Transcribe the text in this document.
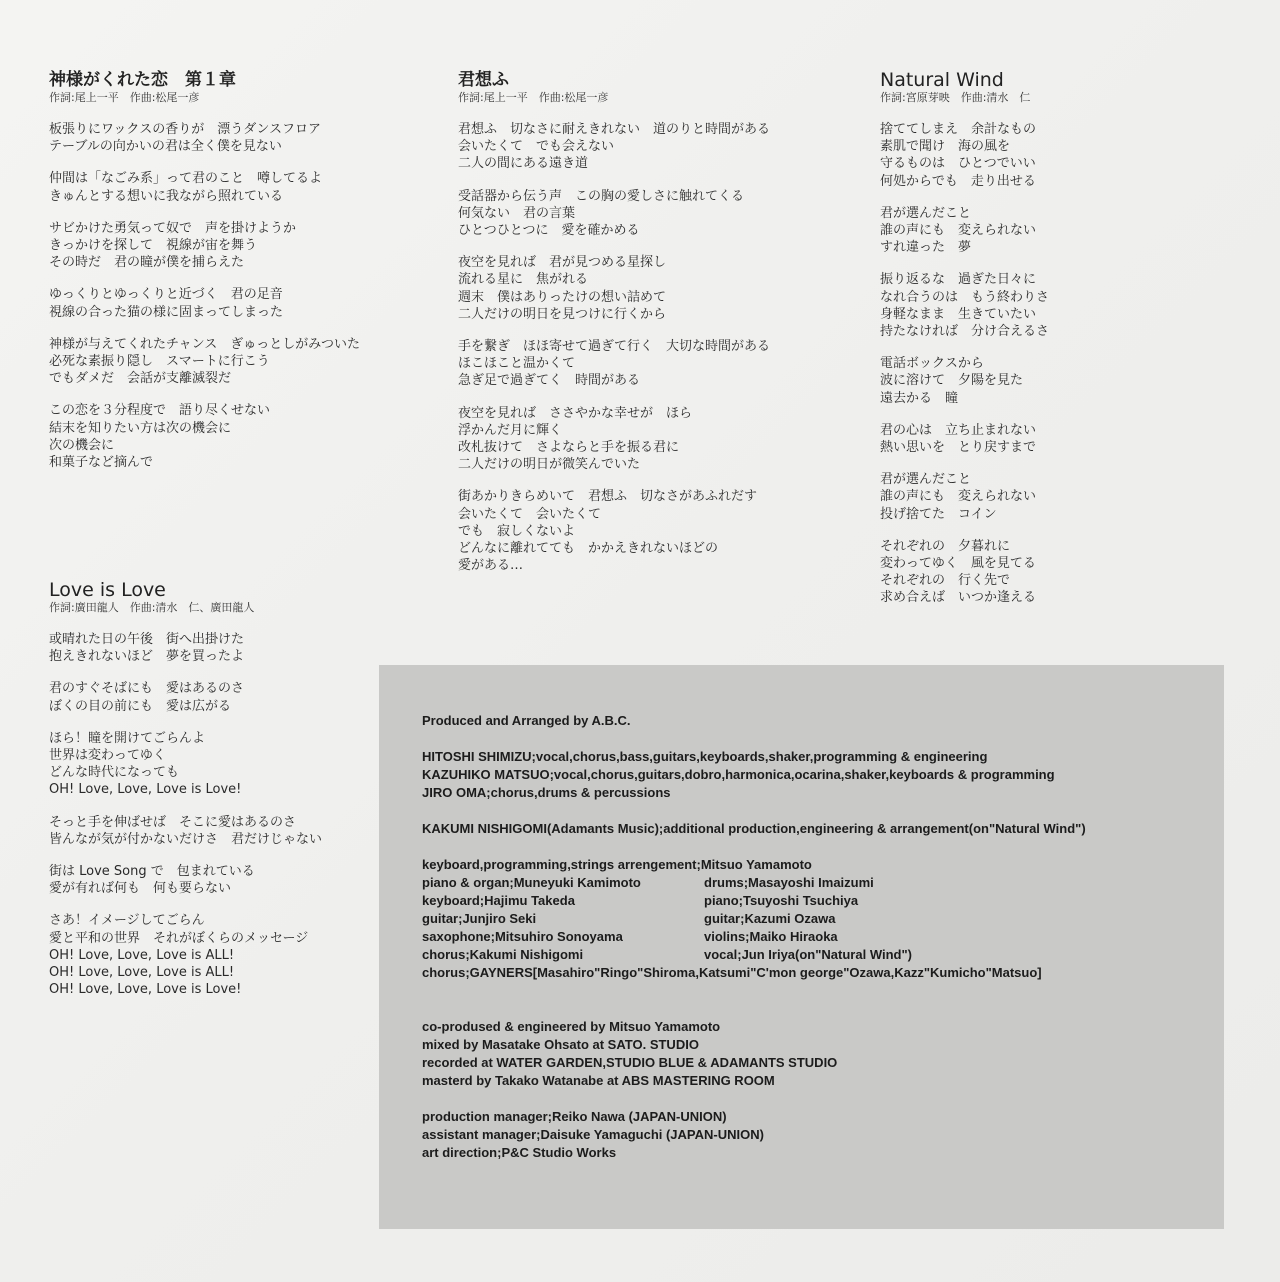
神様がくれた恋　第１章
作詞:尾上一平　作曲:松尾一彦
板張りにワックスの香りが　漂うダンスフロア
テーブルの向かいの君は全く僕を見ない
仲間は「なごみ系」って君のこと　噂してるよ
きゅんとする想いに我ながら照れている
サビかけた勇気って奴で　声を掛けようか
きっかけを探して　視線が宙を舞う
その時だ　君の瞳が僕を捕らえた
ゆっくりとゆっくりと近づく　君の足音
視線の合った猫の様に固まってしまった
神様が与えてくれたチャンス　ぎゅっとしがみついた
必死な素振り隠し　スマートに行こう
でもダメだ　会話が支離滅裂だ
この恋を３分程度で　語り尽くせない
結末を知りたい方は次の機会に
次の機会に
和菓子など摘んで
君想ふ
作詞:尾上一平　作曲:松尾一彦
君想ふ　切なさに耐えきれない　道のりと時間がある
会いたくて　でも会えない
二人の間にある遠き道
受話器から伝う声　この胸の愛しさに触れてくる
何気ない　君の言葉
ひとつひとつに　愛を確かめる
夜空を見れば　君が見つめる星探し
流れる星に　焦がれる
週末　僕はありったけの想い詰めて
二人だけの明日を見つけに行くから
手を繋ぎ　ほほ寄せて過ぎて行く　大切な時間がある
ほこほこと温かくて
急ぎ足で過ぎてく　時間がある
夜空を見れば　ささやかな幸せが　ほら
浮かんだ月に輝く
改札抜けて　さよならと手を振る君に
二人だけの明日が微笑んでいた
街あかりきらめいて　君想ふ　切なさがあふれだす
会いたくて　会いたくて
でも　寂しくないよ
どんなに離れてても　かかえきれないほどの
愛がある…
Natural Wind
作詞:宮原芽映　作曲:清水　仁
捨ててしまえ　余計なもの
素肌で聞け　海の風を
守るものは　ひとつでいい
何処からでも　走り出せる
君が選んだこと
誰の声にも　変えられない
すれ違った　夢
振り返るな　過ぎた日々に
なれ合うのは　もう終わりさ
身軽なまま　生きていたい
持たなければ　分け合えるさ
電話ボックスから
波に溶けて　夕陽を見た
遠去かる　瞳
君の心は　立ち止まれない
熱い思いを　とり戻すまで
君が選んだこと
誰の声にも　変えられない
投げ捨てた　コイン
それぞれの　夕暮れに
変わってゆく　風を見てる
それぞれの　行く先で
求め合えば　いつか逢える
Love is Love
作詞:廣田龍人　作曲:清水　仁、廣田龍人
或晴れた日の午後　街へ出掛けた
抱えきれないほど　夢を買ったよ
君のすぐそばにも　愛はあるのさ
ぼくの目の前にも　愛は広がる
ほら！瞳を開けてごらんよ
世界は変わってゆく
どんな時代になっても
OH! Love, Love, Love is Love!
そっと手を伸ばせば　そこに愛はあるのさ
皆んなが気が付かないだけさ　君だけじゃない
街は Love Song で　包まれている
愛が有れば何も　何も要らない
さあ！イメージしてごらん
愛と平和の世界　それがぼくらのメッセージ
OH! Love, Love, Love is ALL!
OH! Love, Love, Love is ALL!
OH! Love, Love, Love is Love!
Produced and Arranged by A.B.C.
HITOSHI SHIMIZU;vocal,chorus,bass,guitars,keyboards,shaker,programming & engineering
KAZUHIKO MATSUO;vocal,chorus,guitars,dobro,harmonica,ocarina,shaker,keyboards & programming
JIRO OMA;chorus,drums & percussions
KAKUMI NISHIGOMI(Adamants Music);additional production,engineering & arrangement(on"Natural Wind")
keyboard,programming,strings arrengement;Mitsuo Yamamoto
piano & organ;Muneyuki Kamimoto	drums;Masayoshi Imaizumi
keyboard;Hajimu Takeda	piano;Tsuyoshi Tsuchiya
guitar;Junjiro Seki	guitar;Kazumi Ozawa
saxophone;Mitsuhiro Sonoyama	violins;Maiko Hiraoka
chorus;Kakumi Nishigomi	vocal;Jun Iriya(on"Natural Wind")
chorus;GAYNERS[Masahiro"Ringo"Shiroma,Katsumi"C'mon george"Ozawa,Kazz"Kumicho"Matsuo]
co-prodused & engineered by Mitsuo Yamamoto
mixed by Masatake Ohsato at SATO. STUDIO
recorded at WATER GARDEN,STUDIO BLUE & ADAMANTS STUDIO
masterd by Takako Watanabe at ABS MASTERING ROOM
production manager;Reiko Nawa (JAPAN-UNION)
assistant manager;Daisuke Yamaguchi (JAPAN-UNION)
art direction;P&C Studio Works
